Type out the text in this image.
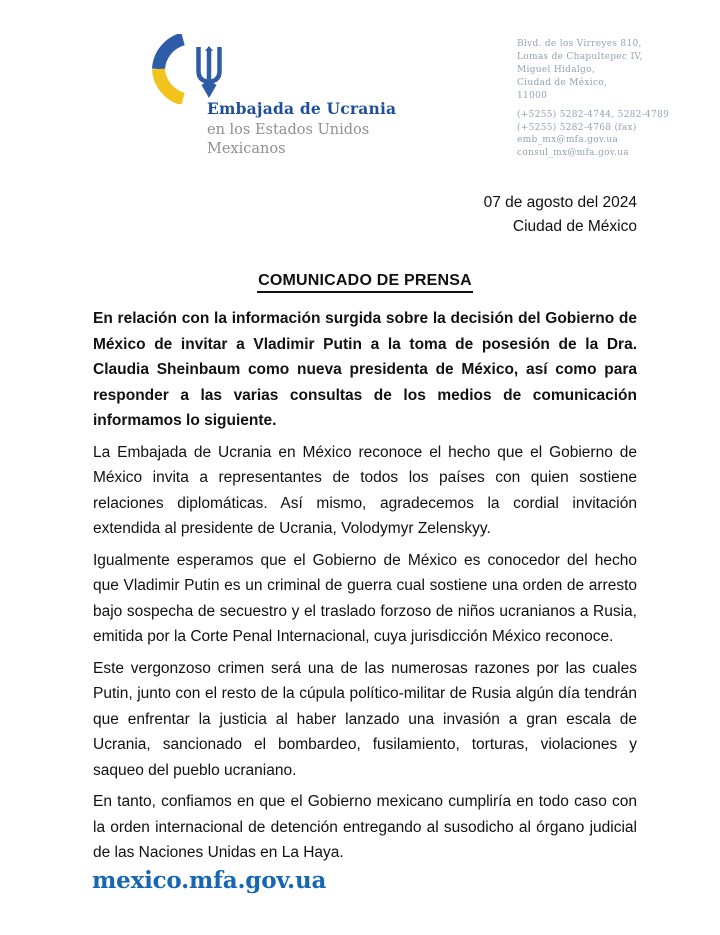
Embajada de Ucrania
en los Estados Unidos
Mexicanos
Blvd. de los Virreyes 810,
Lomas de Chapultepec IV,
Miguel Hidalgo,
Ciudad de México,
11000
(+5255) 5282-4744, 5282-4789
(+5255) 5282-4768 (fax)
emb_mx@mfa.gov.ua
consul_mx@mfa.gov.ua
07 de agosto del 2024
Ciudad de México
COMUNICADO DE PRENSA

En relación con la información surgida sobre la decisión del Gobierno de México de invitar a Vladimir Putin a la toma de posesión de la Dra. Claudia Sheinbaum como nueva presidenta de México, así como para responder a las varias consultas de los medios de comunicación informamos lo siguiente.

La Embajada de Ucrania en México reconoce el hecho que el Gobierno de México invita a representantes de todos los países con quien sostiene relaciones diplomáticas. Así mismo, agradecemos la cordial invitación extendida al presidente de Ucrania, Volodymyr Zelenskyy.

Igualmente esperamos que el Gobierno de México es conocedor del hecho que Vladimir Putin es un criminal de guerra cual sostiene una orden de arresto bajo sospecha de secuestro y el traslado forzoso de niños ucranianos a Rusia, emitida por la Corte Penal Internacional, cuya jurisdicción México reconoce.

Este vergonzoso crimen será una de las numerosas razones por las cuales Putin, junto con el resto de la cúpula político-militar de Rusia algún día tendrán que enfrentar la justicia al haber lanzado una invasión a gran escala de Ucrania, sancionado el bombardeo, fusilamiento, torturas, violaciones y saqueo del pueblo ucraniano.

En tanto, confiamos en que el Gobierno mexicano cumpliría en todo caso con la orden internacional de detención entregando al susodicho al órgano judicial de las Naciones Unidas en La Haya.

mexico.mfa.gov.ua
